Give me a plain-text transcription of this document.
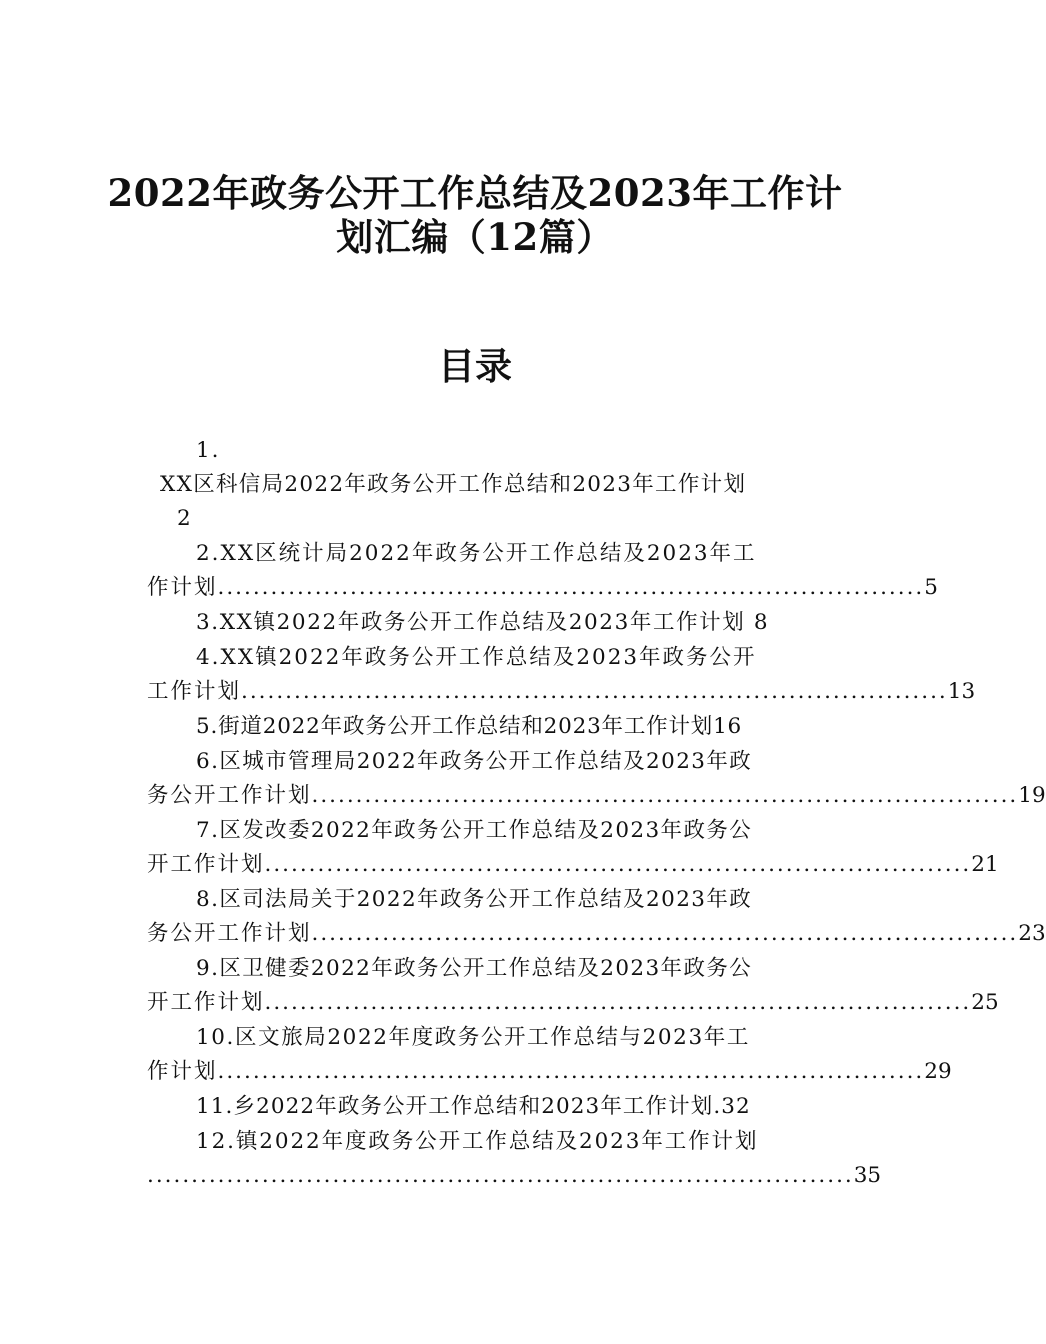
2022年政务公开工作总结及2023年工作计
划汇编（12篇）
目录
1.
XX区科信局2022年政务公开工作总结和2023年工作计划
2
2.XX区统计局2022年政务公开工作总结及2023年工
作计划 ................................................................................ 5
3.XX镇2022年政务公开工作总结及2023年工作计划 8
4.XX镇2022年政务公开工作总结及2023年政务公开
工作计划 ................................................................................ 13
5.街道2022年政务公开工作总结和2023年工作计划16
6.区城市管理局2022年政务公开工作总结及2023年政
务公开工作计划 ................................................................................ 19
7.区发改委2022年政务公开工作总结及2023年政务公
开工作计划 ................................................................................ 21
8.区司法局关于2022年政务公开工作总结及2023年政
务公开工作计划 ................................................................................ 23
9.区卫健委2022年政务公开工作总结及2023年政务公
开工作计划 ................................................................................ 25
10.区文旅局2022年度政务公开工作总结与2023年工
作计划 ................................................................................ 29
11.乡2022年政务公开工作总结和2023年工作计划.32
12.镇2022年度政务公开工作总结及2023年工作计划
................................................................................ 35
